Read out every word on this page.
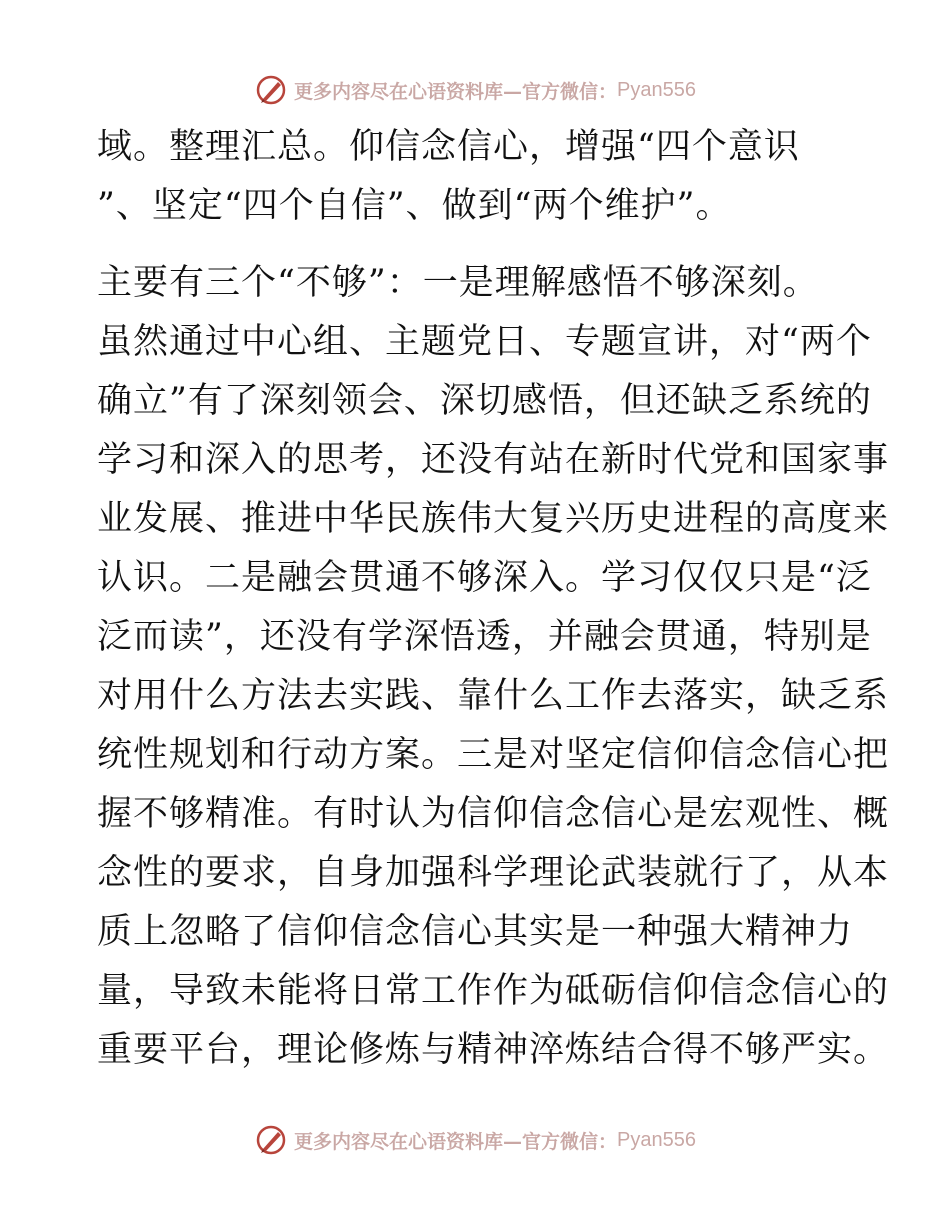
更多内容尽在心语资料库—官方微信： Pyan556
域。整理汇总。仰信念信心，增强“四个意识
”、坚定“四个自信”、做到“两个维护”。
主要有三个“不够”：一是理解感悟不够深刻。
虽然通过中心组、主题党日、专题宣讲，对“两个
确立”有了深刻领会、深切感悟，但还缺乏系统的
学习和深入的思考，还没有站在新时代党和国家事
业发展、推进中华民族伟大复兴历史进程的高度来
认识。二是融会贯通不够深入。学习仅仅只是“泛
泛而读”，还没有学深悟透，并融会贯通，特别是
对用什么方法去实践、靠什么工作去落实，缺乏系
统性规划和行动方案。三是对坚定信仰信念信心把
握不够精准。有时认为信仰信念信心是宏观性、概
念性的要求，自身加强科学理论武装就行了，从本
质上忽略了信仰信念信心其实是一种强大精神力
量，导致未能将日常工作作为砥砺信仰信念信心的
重要平台，理论修炼与精神淬炼结合得不够严实。
更多内容尽在心语资料库—官方微信： Pyan556
